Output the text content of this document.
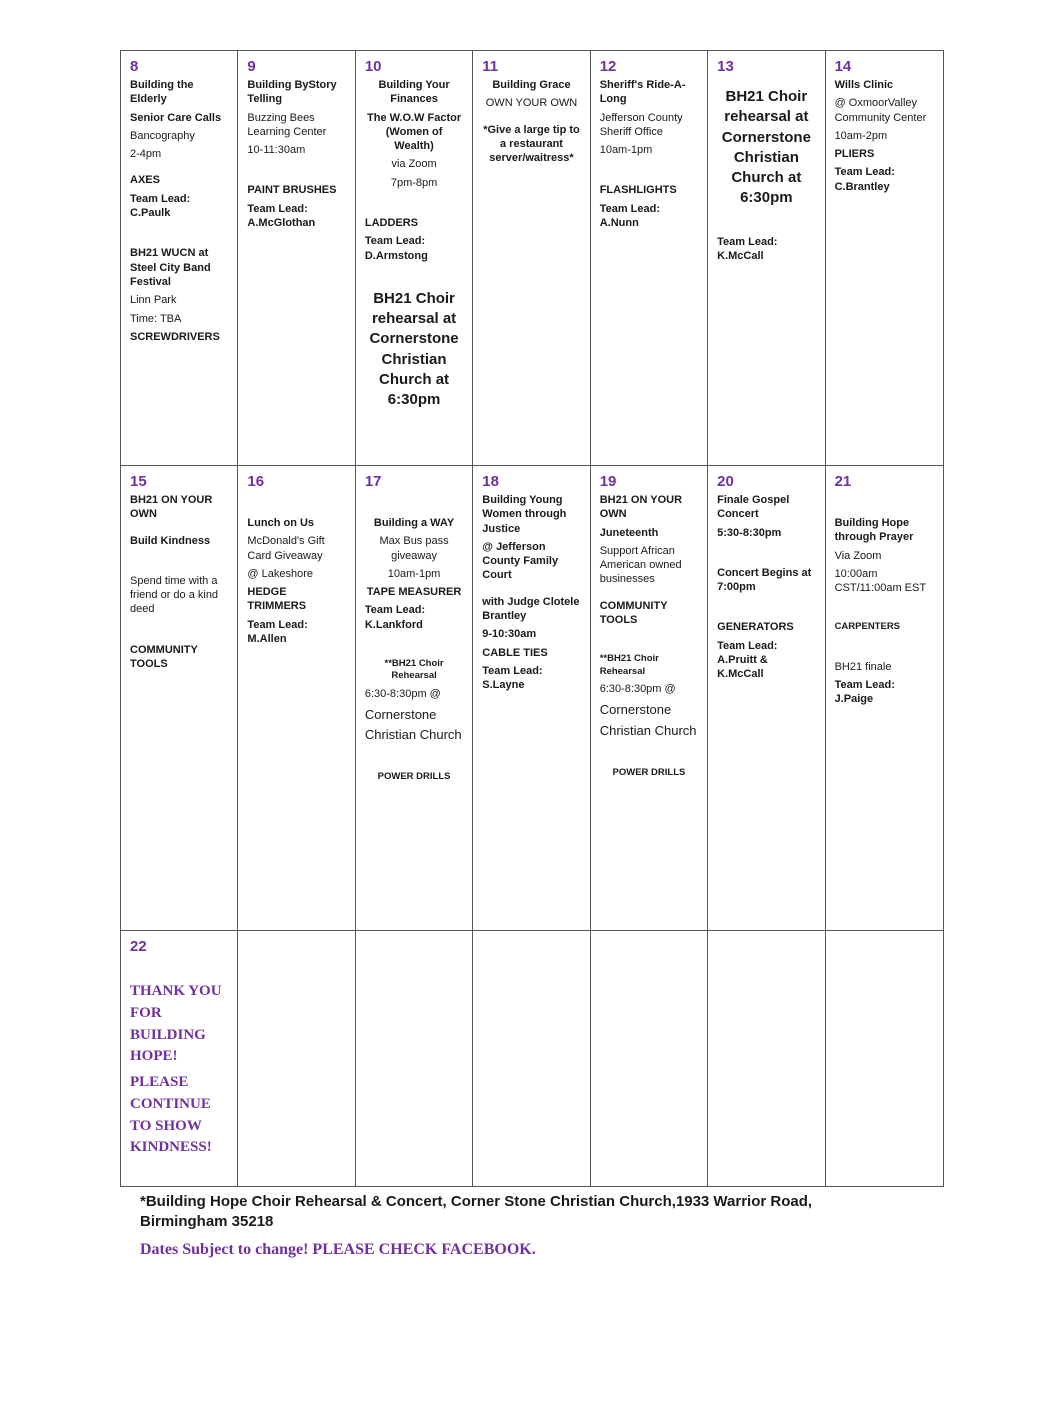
8
Building the Elderly
Senior Care Calls
Bancography
2-4pm
AXES
Team Lead: C.Paulk
BH21 WUCN at Steel City Band Festival
Linn Park
Time: TBA
SCREWDRIVERS
9
Building ByStory Telling
Buzzing Bees Learning Center
10-11:30am
PAINT BRUSHES
Team Lead: A.McGlothan
10
Building Your Finances
The W.O.W Factor (Women of Wealth)
via Zoom
7pm-8pm
LADDERS
Team Lead: D.Armstong
BH21 Choir rehearsal at Cornerstone Christian Church at 6:30pm
11
Building Grace
OWN YOUR OWN
*Give a large tip to a restaurant server/waitress*
12
Sheriff's Ride-A-Long
Jefferson County Sheriff Office
10am-1pm
FLASHLIGHTS
Team Lead: A.Nunn
13
BH21 Choir rehearsal at Cornerstone Christian Church at 6:30pm
Team Lead: K.McCall
14
Wills Clinic
@ OxmoorValley Community Center
10am-2pm
PLIERS
Team Lead: C.Brantley
15
BH21 ON YOUR OWN
Build Kindness
Spend time with a friend or do a kind deed
COMMUNITY TOOLS
16
Lunch on Us
McDonald's Gift Card Giveaway
@ Lakeshore
HEDGE TRIMMERS
Team Lead: M.Allen
17
Building a WAY
Max Bus pass giveaway
10am-1pm
TAPE MEASURER
Team Lead: K.Lankford
**BH21 Choir Rehearsal
6:30-8:30pm @
Cornerstone Christian Church
POWER DRILLS
18
Building Young Women through Justice
@ Jefferson County Family Court
with Judge Clotele Brantley
9-10:30am
CABLE TIES
Team Lead: S.Layne
19
BH21 ON YOUR OWN
Juneteenth
Support African American owned businesses
COMMUNITY TOOLS
**BH21 Choir Rehearsal
6:30-8:30pm @
Cornerstone Christian Church
POWER DRILLS
20
Finale Gospel Concert
5:30-8:30pm
Concert Begins at 7:00pm
GENERATORS
Team Lead: A.Pruitt & K.McCall
21
Building Hope through Prayer
Via Zoom
10:00am CST/11:00am EST
CARPENTERS
BH21 finale
Team Lead: J.Paige
22
THANK YOU FOR BUILDING HOPE!
PLEASE CONTINUE TO SHOW KINDNESS!
*Building Hope Choir Rehearsal & Concert, Corner Stone Christian Church,1933 Warrior Road, Birmingham 35218
Dates Subject to change! PLEASE CHECK FACEBOOK.
